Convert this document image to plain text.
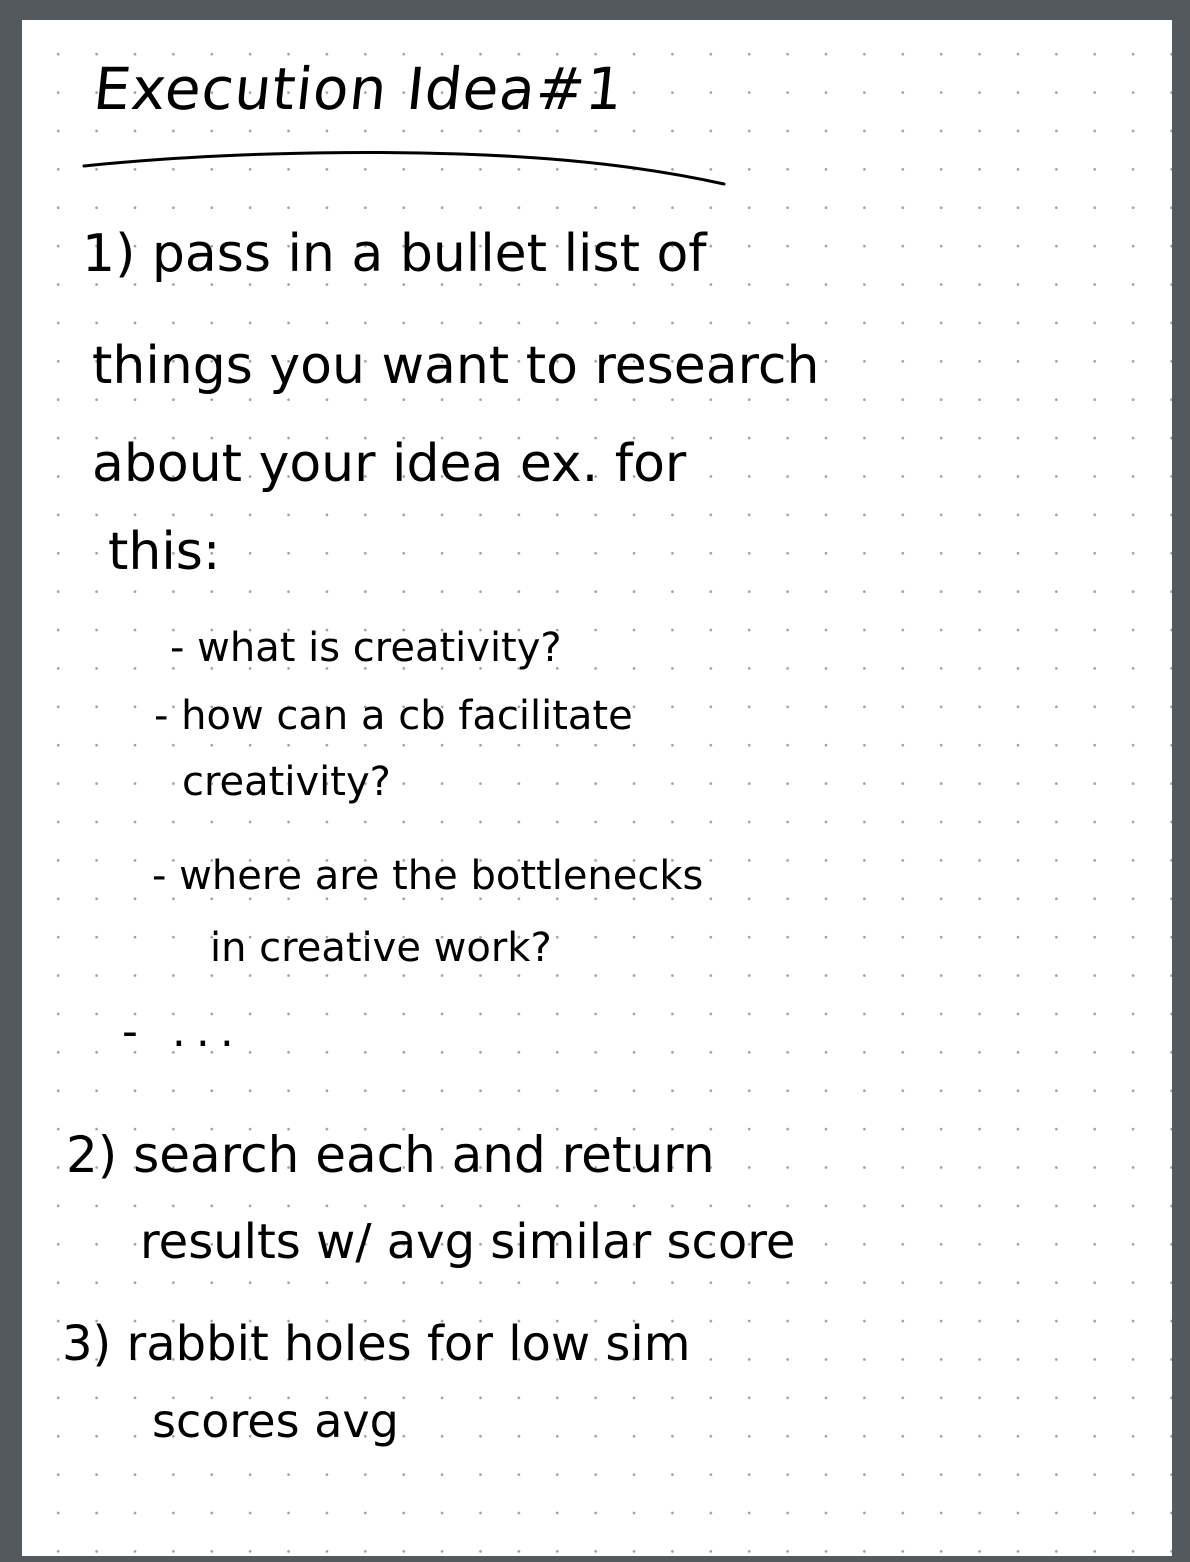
Execution Idea#1
1) pass in a bullet list of
things you want to research
about your idea ex. for
this:
- what is creativity?
- how can a cb facilitate
creativity?
- where are the bottlenecks
in creative work?
- ...
2) search each and return
results w/ avg similar score
3) rabbit holes for low sim
scores avg
